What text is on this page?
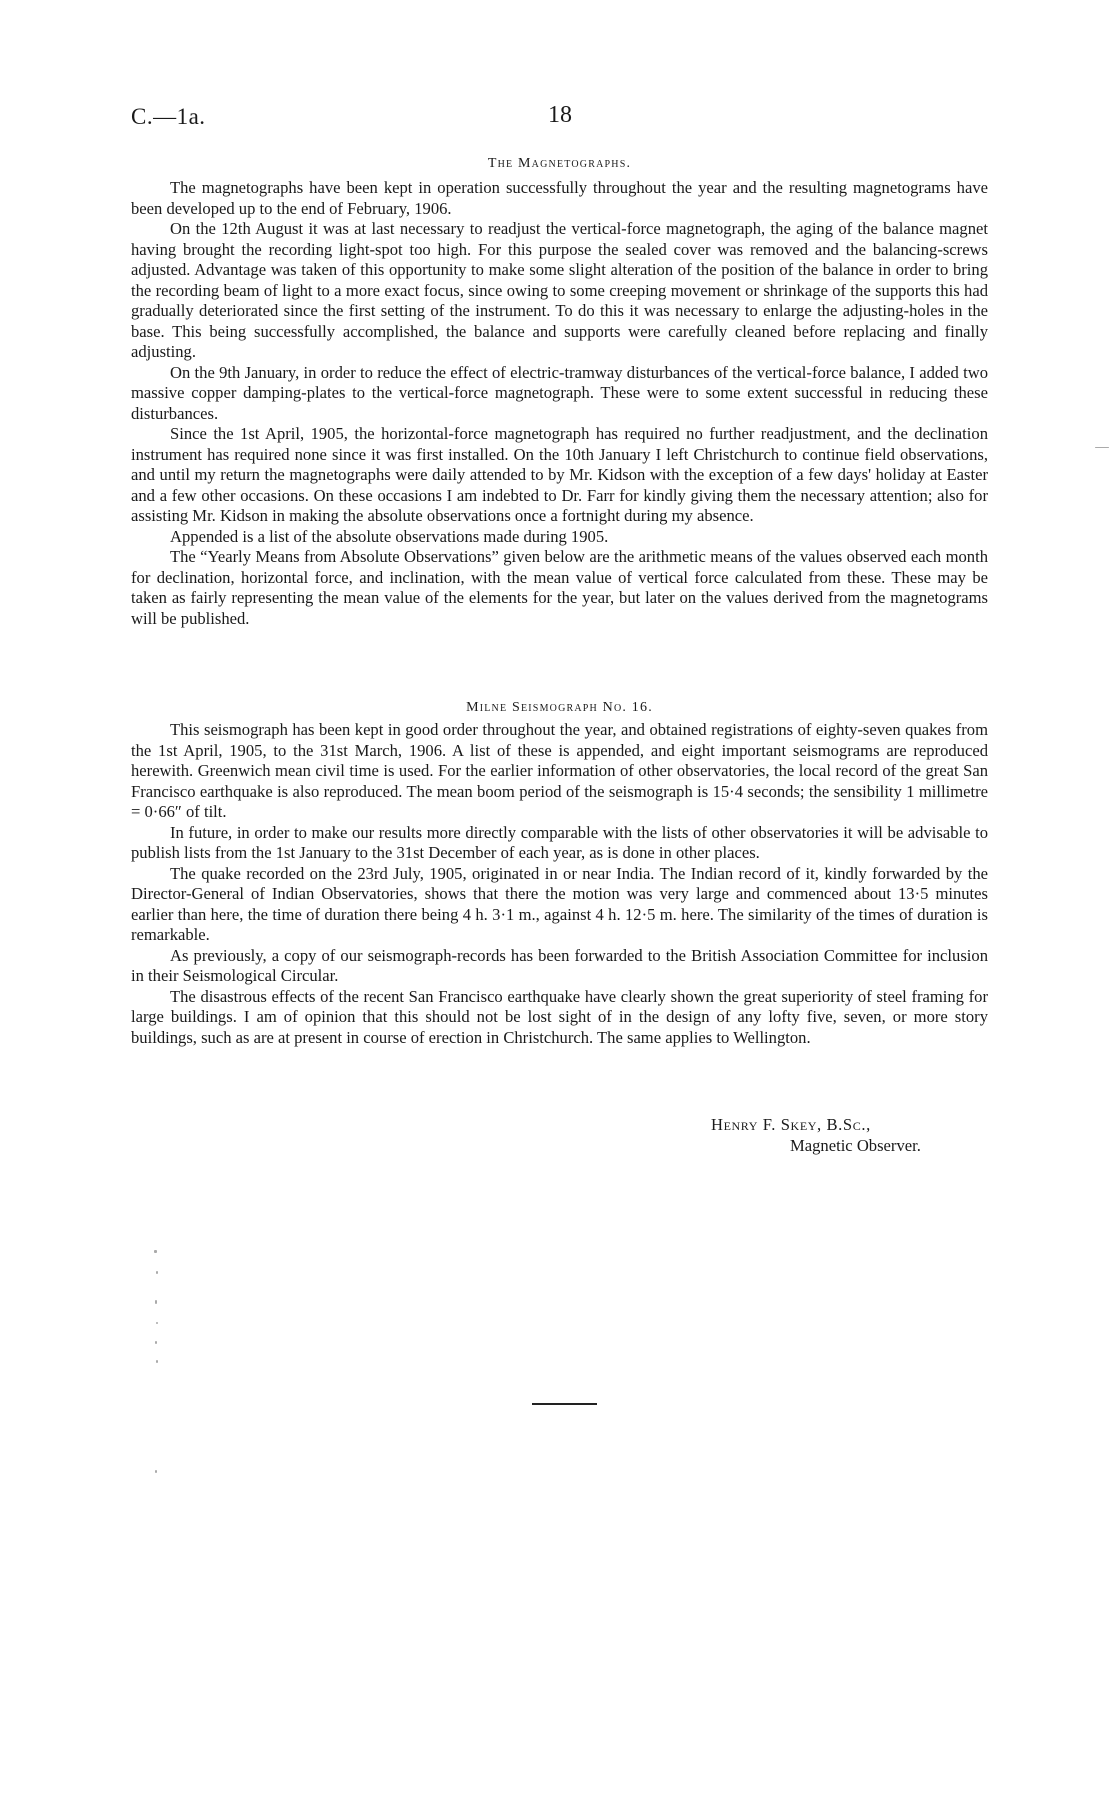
C.—1a.	18
The Magnetographs.

The magnetographs have been kept in operation successfully throughout the year and the resulting magnetograms have been developed up to the end of February, 1906.

On the 12th August it was at last necessary to readjust the vertical-force magnetograph, the aging of the balance magnet having brought the recording light-spot too high. For this purpose the sealed cover was removed and the balancing-screws adjusted. Advantage was taken of this opportunity to make some slight alteration of the position of the balance in order to bring the recording beam of light to a more exact focus, since owing to some creeping movement or shrinkage of the supports this had gradually deteriorated since the first setting of the instrument. To do this it was necessary to enlarge the adjusting-holes in the base. This being successfully accomplished, the balance and supports were carefully cleaned before replacing and finally adjusting.

On the 9th January, in order to reduce the effect of electric-tramway disturbances of the vertical-force balance, I added two massive copper damping-plates to the vertical-force magnetograph. These were to some extent successful in reducing these disturbances.

Since the 1st April, 1905, the horizontal-force magnetograph has required no further readjustment, and the declination instrument has required none since it was first installed. On the 10th January I left Christchurch to continue field observations, and until my return the magnetographs were daily attended to by Mr. Kidson with the exception of a few days' holiday at Easter and a few other occasions. On these occasions I am indebted to Dr. Farr for kindly giving them the necessary attention; also for assisting Mr. Kidson in making the absolute observations once a fortnight during my absence.

Appended is a list of the absolute observations made during 1905.

The “Yearly Means from Absolute Observations” given below are the arithmetic means of the values observed each month for declination, horizontal force, and inclination, with the mean value of vertical force calculated from these. These may be taken as fairly representing the mean value of the elements for the year, but later on the values derived from the magnetograms will be published.

Milne Seismograph No. 16.

This seismograph has been kept in good order throughout the year, and obtained registrations of eighty-seven quakes from the 1st April, 1905, to the 31st March, 1906. A list of these is appended, and eight important seismograms are reproduced herewith. Greenwich mean civil time is used. For the earlier information of other observatories, the local record of the great San Francisco earthquake is also reproduced. The mean boom period of the seismograph is 15·4 seconds; the sensibility 1 millimetre = 0·66″ of tilt.

In future, in order to make our results more directly comparable with the lists of other observatories it will be advisable to publish lists from the 1st January to the 31st December of each year, as is done in other places.

The quake recorded on the 23rd July, 1905, originated in or near India. The Indian record of it, kindly forwarded by the Director-General of Indian Observatories, shows that there the motion was very large and commenced about 13·5 minutes earlier than here, the time of duration there being 4 h. 3·1 m., against 4 h. 12·5 m. here. The similarity of the times of duration is remarkable.

As previously, a copy of our seismograph-records has been forwarded to the British Association Committee for inclusion in their Seismological Circular.

The disastrous effects of the recent San Francisco earthquake have clearly shown the great superiority of steel framing for large buildings. I am of opinion that this should not be lost sight of in the design of any lofty five, seven, or more story buildings, such as are at present in course of erection in Christchurch. The same applies to Wellington.

Henry F. Skey, B.Sc.,
Magnetic Observer.
